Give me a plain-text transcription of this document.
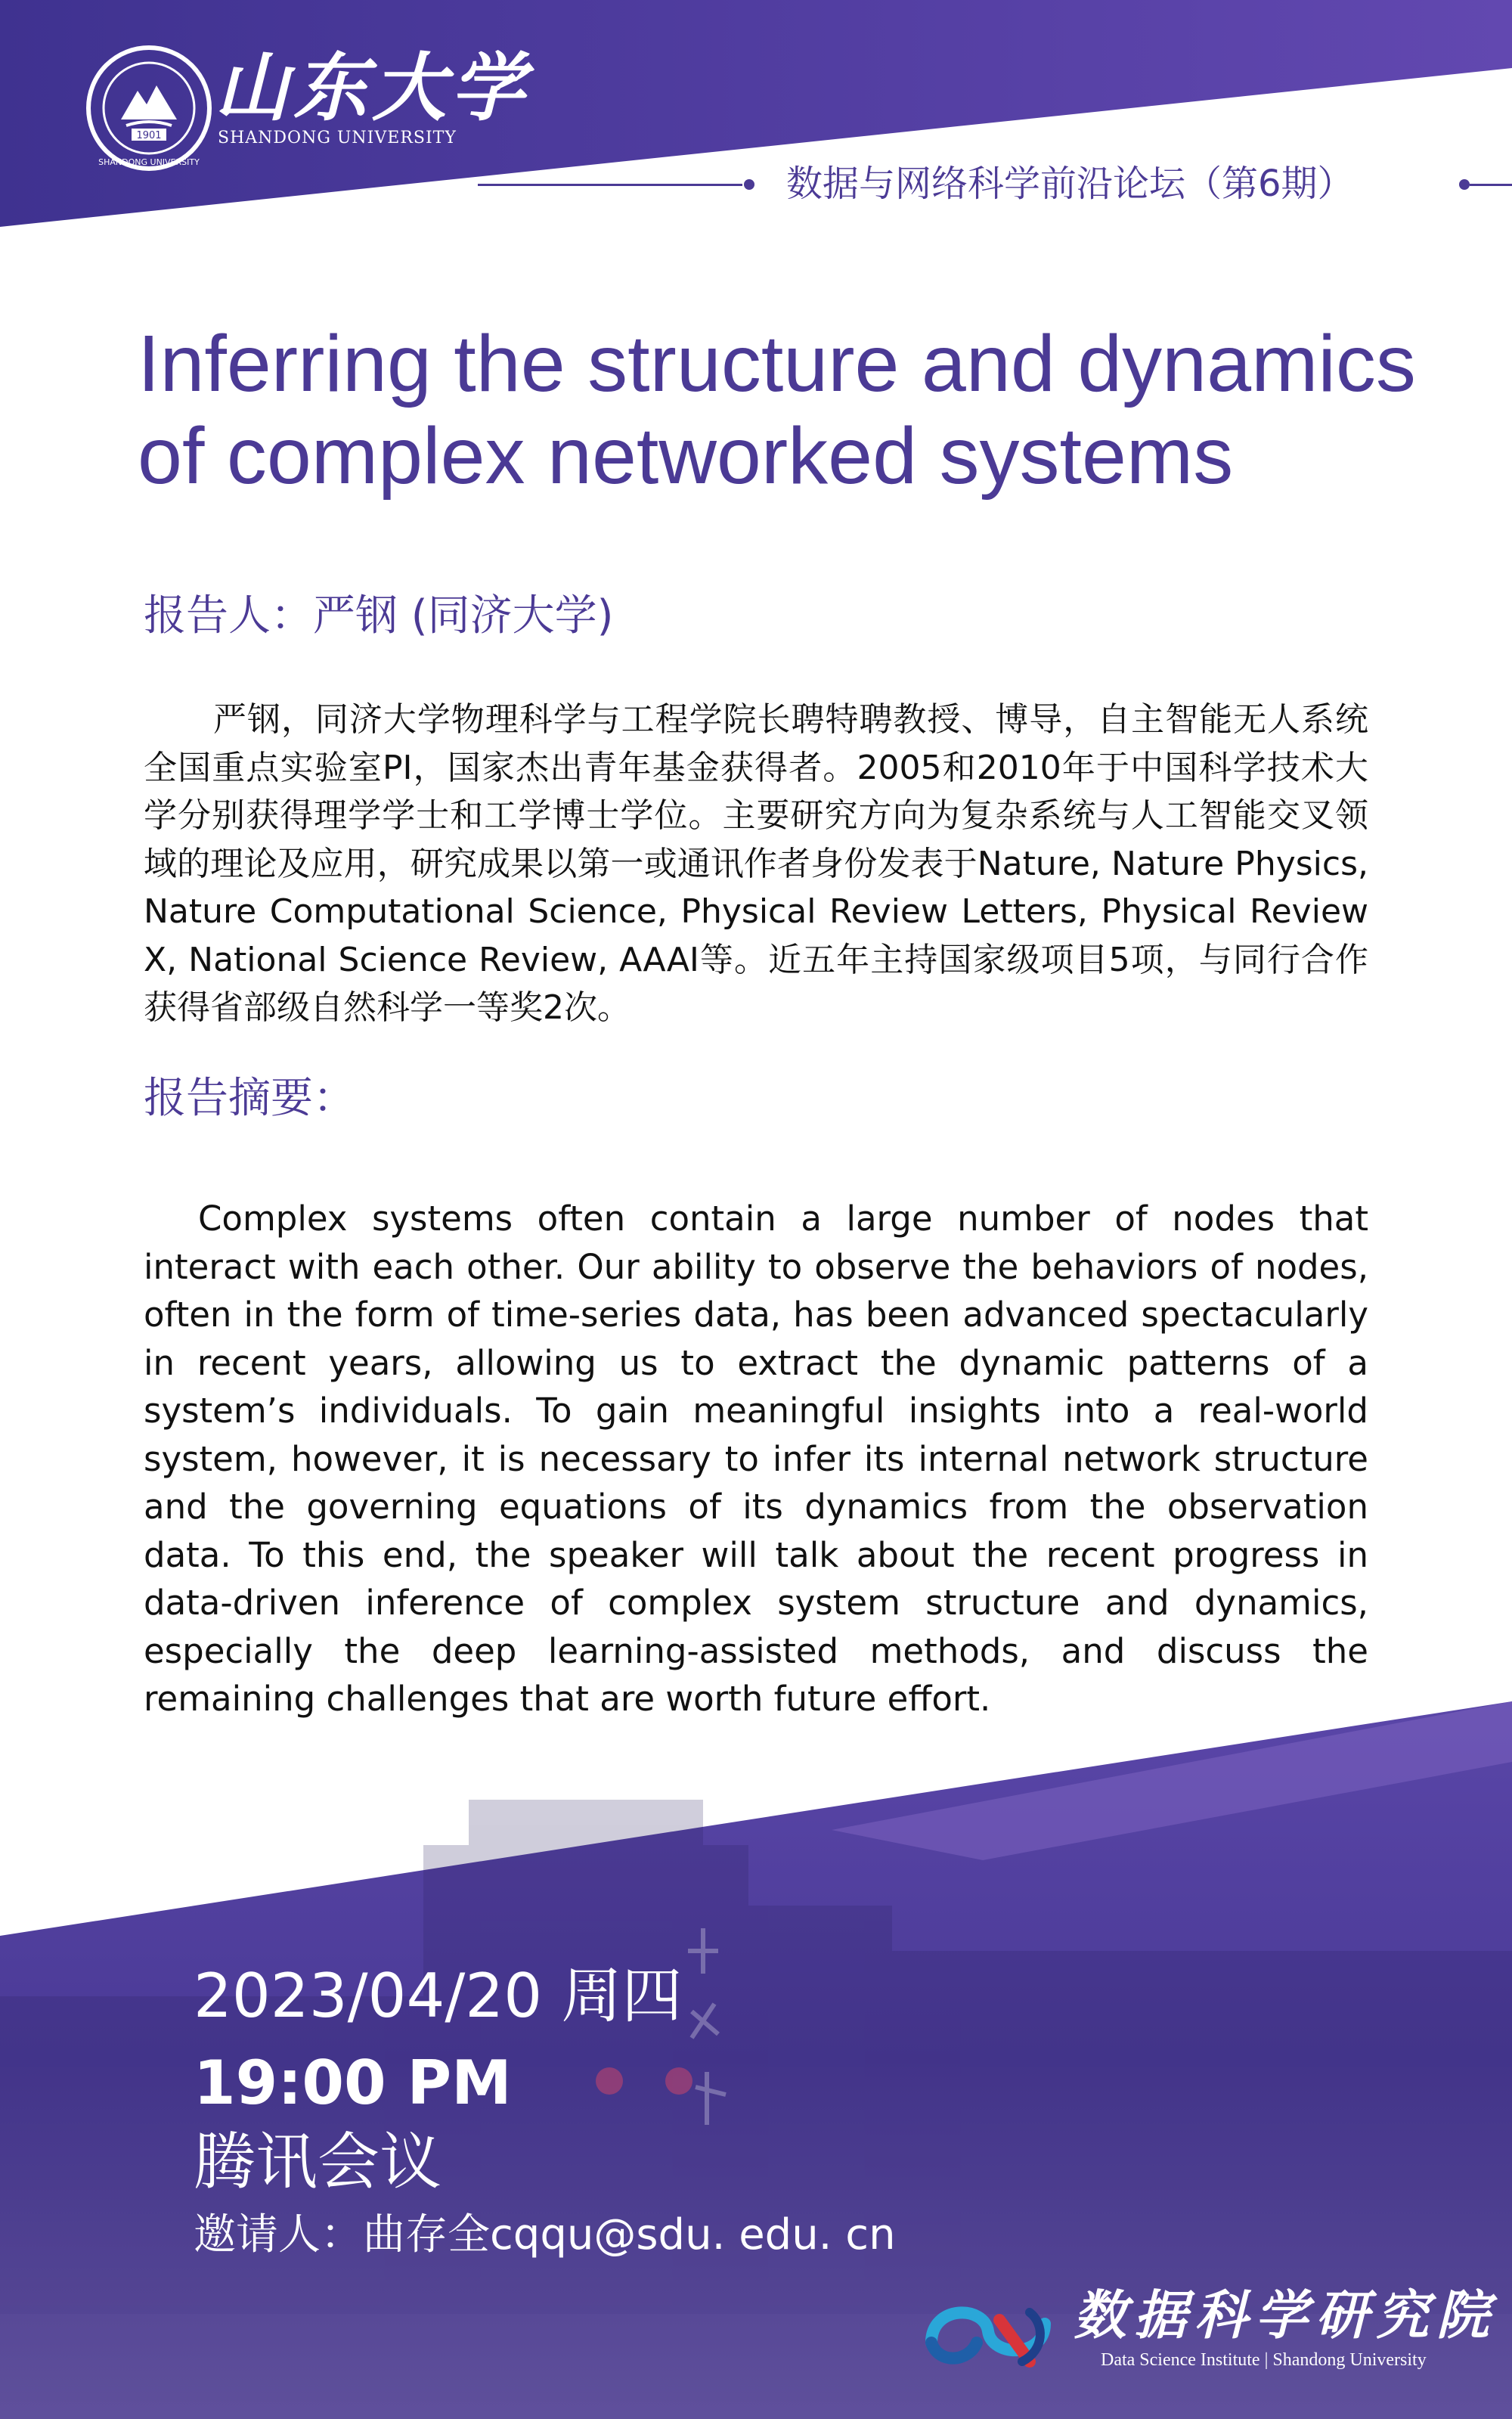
1901
SHANDONG UNIVERSITY
山东大学
SHANDONG UNIVERSITY
数据与网络科学前沿论坛（第6期）
Inferring the structure and dynamics
of complex networked systems
报告人：严钢 (同济大学)

严钢，同济大学物理科学与工程学院长聘特聘教授、博导，自主智能无人系统全国重点实验室PI，国家杰出青年基金获得者。2005和2010年于中国科学技术大学分别获得理学学士和工学博士学位。主要研究方向为复杂系统与人工智能交叉领域的理论及应用，研究成果以第一或通讯作者身份发表于Nature, Nature Physics, Nature Computational Science, Physical Review Letters, Physical Review X, National Science Review, AAAI等。近五年主持国家级项目5项，与同行合作获得省部级自然科学一等奖2次。

报告摘要：

Complex systems often contain a large number of nodes that interact with each other. Our ability to observe the behaviors of nodes, often in the form of time-series data, has been advanced spectacularly in recent years, allowing us to extract the dynamic patterns of a system’s individuals. To gain meaningful insights into a real-world system, however, it is necessary to infer its internal network structure and the governing equations of its dynamics from the observation data. To this end, the speaker will talk about the recent progress in data-driven inference of complex system structure and dynamics, especially the deep learning-assisted methods, and discuss the remaining challenges that are worth future effort.

2023/04/20 周四
19:00 PM
腾讯会议
邀请人：曲存全cqqu@sdu. edu. cn
数据科学研究院
Data Science Institute | Shandong University
